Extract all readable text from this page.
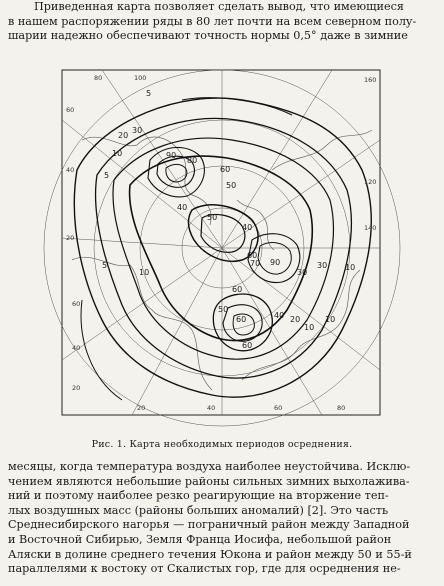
Приведенная карта позволяет сделать вывод, что имеющиеся
в нашем распоряжении ряды в 80 лет почти на всем северном полу-
шарии надежно обеспечивают точность нормы 0,5° даже в зимние

5
5
10
20
30
90
80
60
50
40
70 90
60
30
40 20
10
10
10
60
50
60
5
10
60
30
40
50
100
80
60
40
20
20	40	60	80
60
40
20
120
140
160
Рис. 1. Карта необходимых периодов осреднения.

месяцы, когда температура воздуха наиболее неустойчива. Исклю-
чением являются небольшие районы сильных зимних выхолажива-
ний и поэтому наиболее резко реагирующие на вторжение теп-
лых воздушных масс (районы больших аномалий) [2]. Это часть
Среднесибирского нагорья — пограничный район между Западной
и Восточной Сибирью, Земля Франца Иосифа, небольшой район
Аляски в долине среднего течения Юкона и район между 50 и 55-й
параллелями к востоку от Скалистых гор, где для осреднения не-
